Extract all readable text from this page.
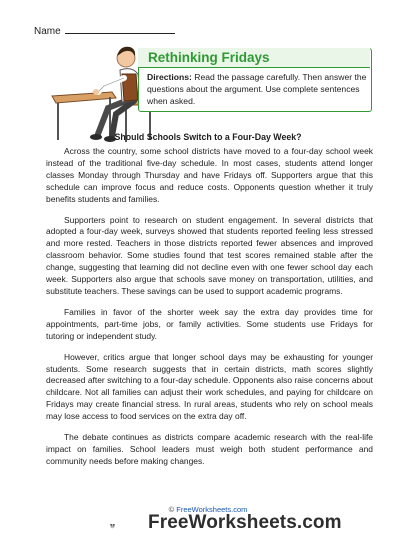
Name
Rethinking Fridays
Directions: Read the passage carefully. Then answer the questions about the argument. Use complete sentences when asked.
Should Schools Switch to a Four-Day Week?

Across the country, some school districts have moved to a four-day school week instead of the traditional five-day schedule. In most cases, students attend longer classes Monday through Thursday and have Fridays off. Supporters argue that this schedule can improve focus and reduce costs. Opponents question whether it truly benefits students and families.

Supporters point to research on student engagement. In several districts that adopted a four-day week, surveys showed that students reported feeling less stressed and more rested. Teachers in those districts reported fewer absences and improved classroom behavior. Some studies found that test scores remained stable after the change, suggesting that learning did not decline even with one fewer school day each week. Supporters also argue that schools save money on transportation, utilities, and substitute teachers. These savings can be used to support academic programs.

Families in favor of the shorter week say the extra day provides time for appointments, part-time jobs, or family activities. Some students use Fridays for tutoring or independent study.

However, critics argue that longer school days may be exhausting for younger students. Some research suggests that in certain districts, math scores slightly decreased after switching to a four-day schedule. Opponents also raise concerns about childcare. Not all families can adjust their work schedules, and paying for childcare on Fridays may create financial stress. In rural areas, students who rely on school meals may lose access to food services on the extra day off.

The debate continues as districts compare academic research with the real-life impact on families. School leaders must weigh both student performance and community needs before making changes.

© FreeWorksheets.com
FreeWorksheets.com
